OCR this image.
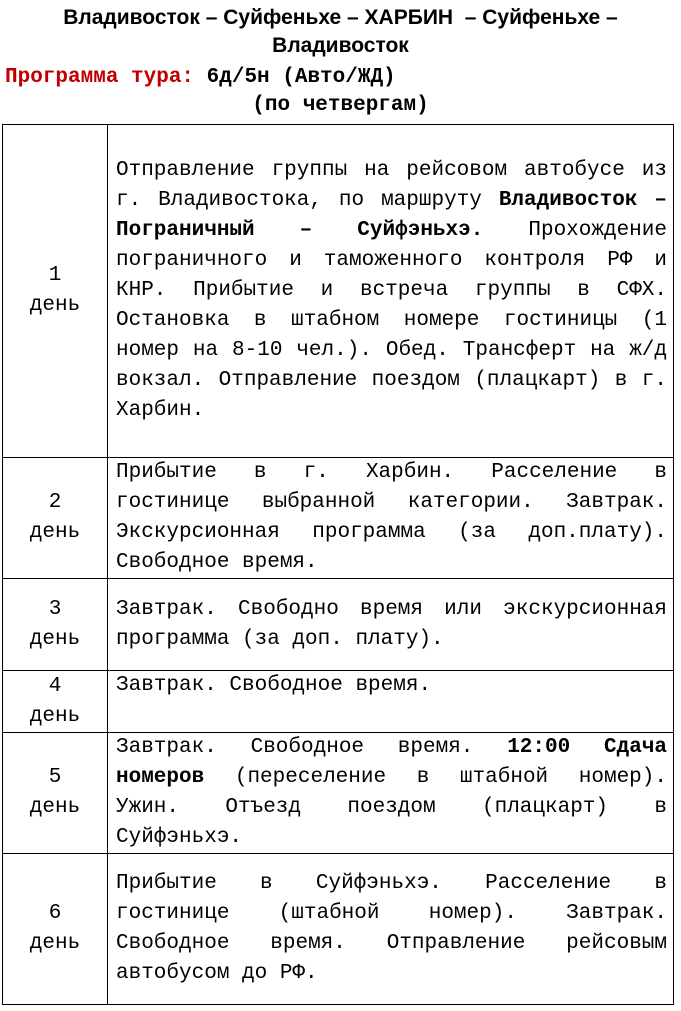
Владивосток – Суйфеньхе – ХАРБИН  – Суйфеньхе –
Владивосток
Программа тура: 6д/5н (Авто/ЖД)
(по четвергам)
1
день	Отправление группы на рейсовом автобусе из г. Владивостока, по маршруту Владивосток – Пограничный – Суйфэньхэ. Прохождение пограничного и таможенного контроля РФ и КНР. Прибытие и встреча группы в СФХ. Остановка в штабном номере гостиницы (1 номер на 8-10 чел.). Обед. Трансферт на ж/д вокзал. Отправление поездом (плацкарт) в г. Харбин.

2
день	Прибытие в г. Харбин. Расселение в гостинице выбранной категории. Завтрак. Экскурсионная программа (за доп.плату). Свободное время.

3
день	Завтрак. Свободно время или экскурсионная программа (за доп. плату).

4
день	Завтрак. Свободное время.

5
день	Завтрак. Свободное время. 12:00 Сдача номеров (переселение в штабной номер). Ужин. Отъезд поездом (плацкарт) в Суйфэньхэ.

6
день	Прибытие в Суйфэньхэ. Расселение в гостинице (штабной номер). Завтрак. Свободное время. Отправление рейсовым автобусом до РФ.
